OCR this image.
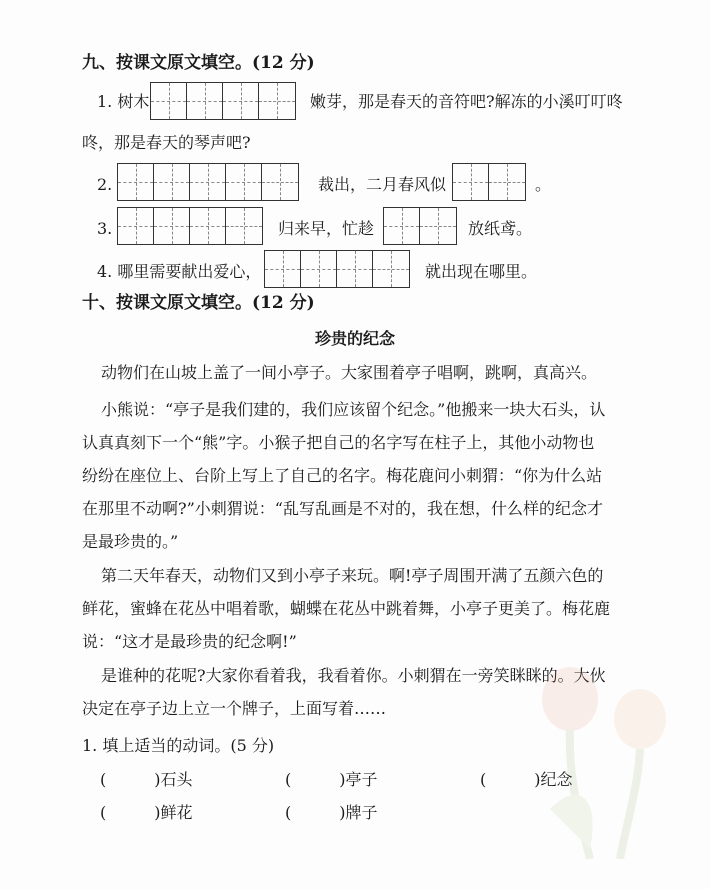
九、按课文原文填空。(12 分)
1. 树木	嫩芽，那是春天的音符吧?解冻的小溪叮叮咚
咚，那是春天的琴声吧?
2.	裁出，二月春风似	。
3.	归来早，忙趁	放纸鸢。
4. 哪里需要献出爱心，	就出现在哪里。
十、按课文原文填空。(12 分)
珍贵的纪念
动物们在山坡上盖了一间小亭子。大家围着亭子唱啊，跳啊，真高兴。
小熊说：“亭子是我们建的，我们应该留个纪念。”他搬来一块大石头，认
认真真刻下一个“熊”字。小猴子把自己的名字写在柱子上，其他小动物也
纷纷在座位上、台阶上写上了自己的名字。梅花鹿问小刺猬：“你为什么站
在那里不动啊?”小刺猬说：“乱写乱画是不对的，我在想，什么样的纪念才
是最珍贵的。”
第二天年春天，动物们又到小亭子来玩。啊!亭子周围开满了五颜六色的
鲜花，蜜蜂在花丛中唱着歌，蝴蝶在花丛中跳着舞，小亭子更美了。梅花鹿
说：“这才是最珍贵的纪念啊!”
是谁种的花呢?大家你看着我，我看着你。小刺猬在一旁笑眯眯的。大伙
决定在亭子边上立一个牌子，上面写着……
1. 填上适当的动词。(5 分)
(　　　)石头	(　　　)亭子	(　　　)纪念
(　　　)鲜花	(　　　)牌子
